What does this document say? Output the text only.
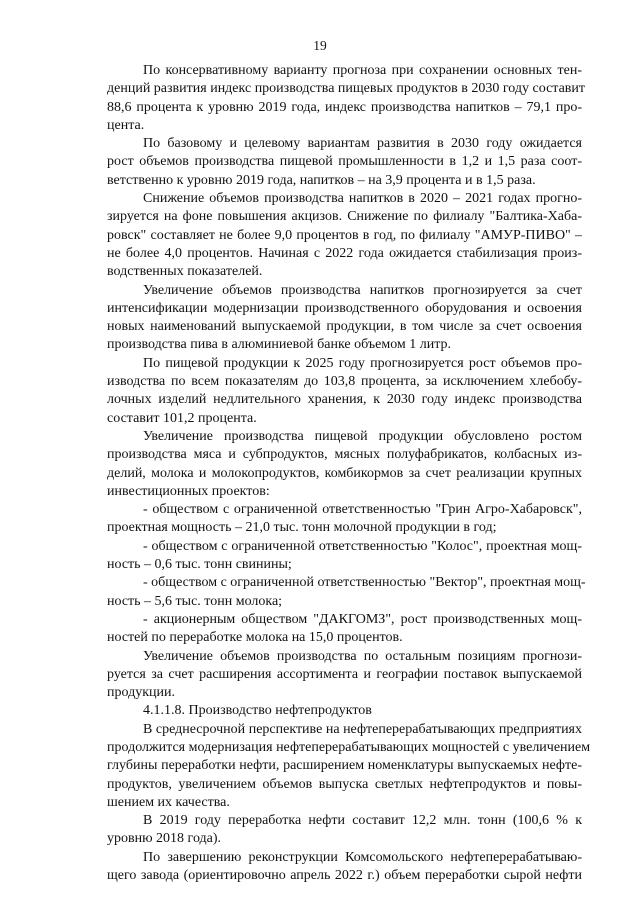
19
По консервативному варианту прогноза при сохранении основных тен-
денций развития индекс производства пищевых продуктов в 2030 году составит
88,6 процента к уровню 2019 года, индекс производства напитков – 79,1 про-
цента.
По базовому и целевому вариантам развития в 2030 году ожидается
рост объемов производства пищевой промышленности в 1,2 и 1,5 раза соот-
ветственно к уровню 2019 года, напитков – на 3,9 процента и в 1,5 раза.
Снижение объемов производства напитков в 2020 – 2021 годах прогно-
зируется на фоне повышения акцизов. Снижение по филиалу "Балтика-Хаба-
ровск" составляет не более 9,0 процентов в год, по филиалу "АМУР-ПИВО" –
не более 4,0 процентов. Начиная с 2022 года ожидается стабилизация произ-
водственных показателей.
Увеличение объемов производства напитков прогнозируется за счет
интенсификации модернизации производственного оборудования и освоения
новых наименований выпускаемой продукции, в том числе за счет освоения
производства пива в алюминиевой банке объемом 1 литр.
По пищевой продукции к 2025 году прогнозируется рост объемов про-
изводства по всем показателям до 103,8 процента, за исключением хлебобу-
лочных изделий недлительного хранения, к 2030 году индекс производства
составит 101,2 процента.
Увеличение производства пищевой продукции обусловлено ростом
производства мяса и субпродуктов, мясных полуфабрикатов, колбасных из-
делий, молока и молокопродуктов, комбикормов за счет реализации крупных
инвестиционных проектов:
- обществом с ограниченной ответственностью "Грин Агро-Хабаровск",
проектная мощность – 21,0 тыс. тонн молочной продукции в год;
- обществом с ограниченной ответственностью "Колос", проектная мощ-
ность – 0,6 тыс. тонн свинины;
- обществом с ограниченной ответственностью "Вектор", проектная мощ-
ность – 5,6 тыс. тонн молока;
- акционерным обществом "ДАКГОМЗ", рост производственных мощ-
ностей по переработке молока на 15,0 процентов.
Увеличение объемов производства по остальным позициям прогнози-
руется за счет расширения ассортимента и географии поставок выпускаемой
продукции.
4.1.1.8. Производство нефтепродуктов
В среднесрочной перспективе на нефтеперерабатывающих предприятиях
продолжится модернизация нефтеперерабатывающих мощностей с увеличением
глубины переработки нефти, расширением номенклатуры выпускаемых нефте-
продуктов, увеличением объемов выпуска светлых нефтепродуктов и повы-
шением их качества.
В 2019 году переработка нефти составит 12,2 млн. тонн (100,6 % к
уровню 2018 года).
По завершению реконструкции Комсомольского нефтеперерабатываю-
щего завода (ориентировочно апрель 2022 г.) объем переработки сырой нефти
